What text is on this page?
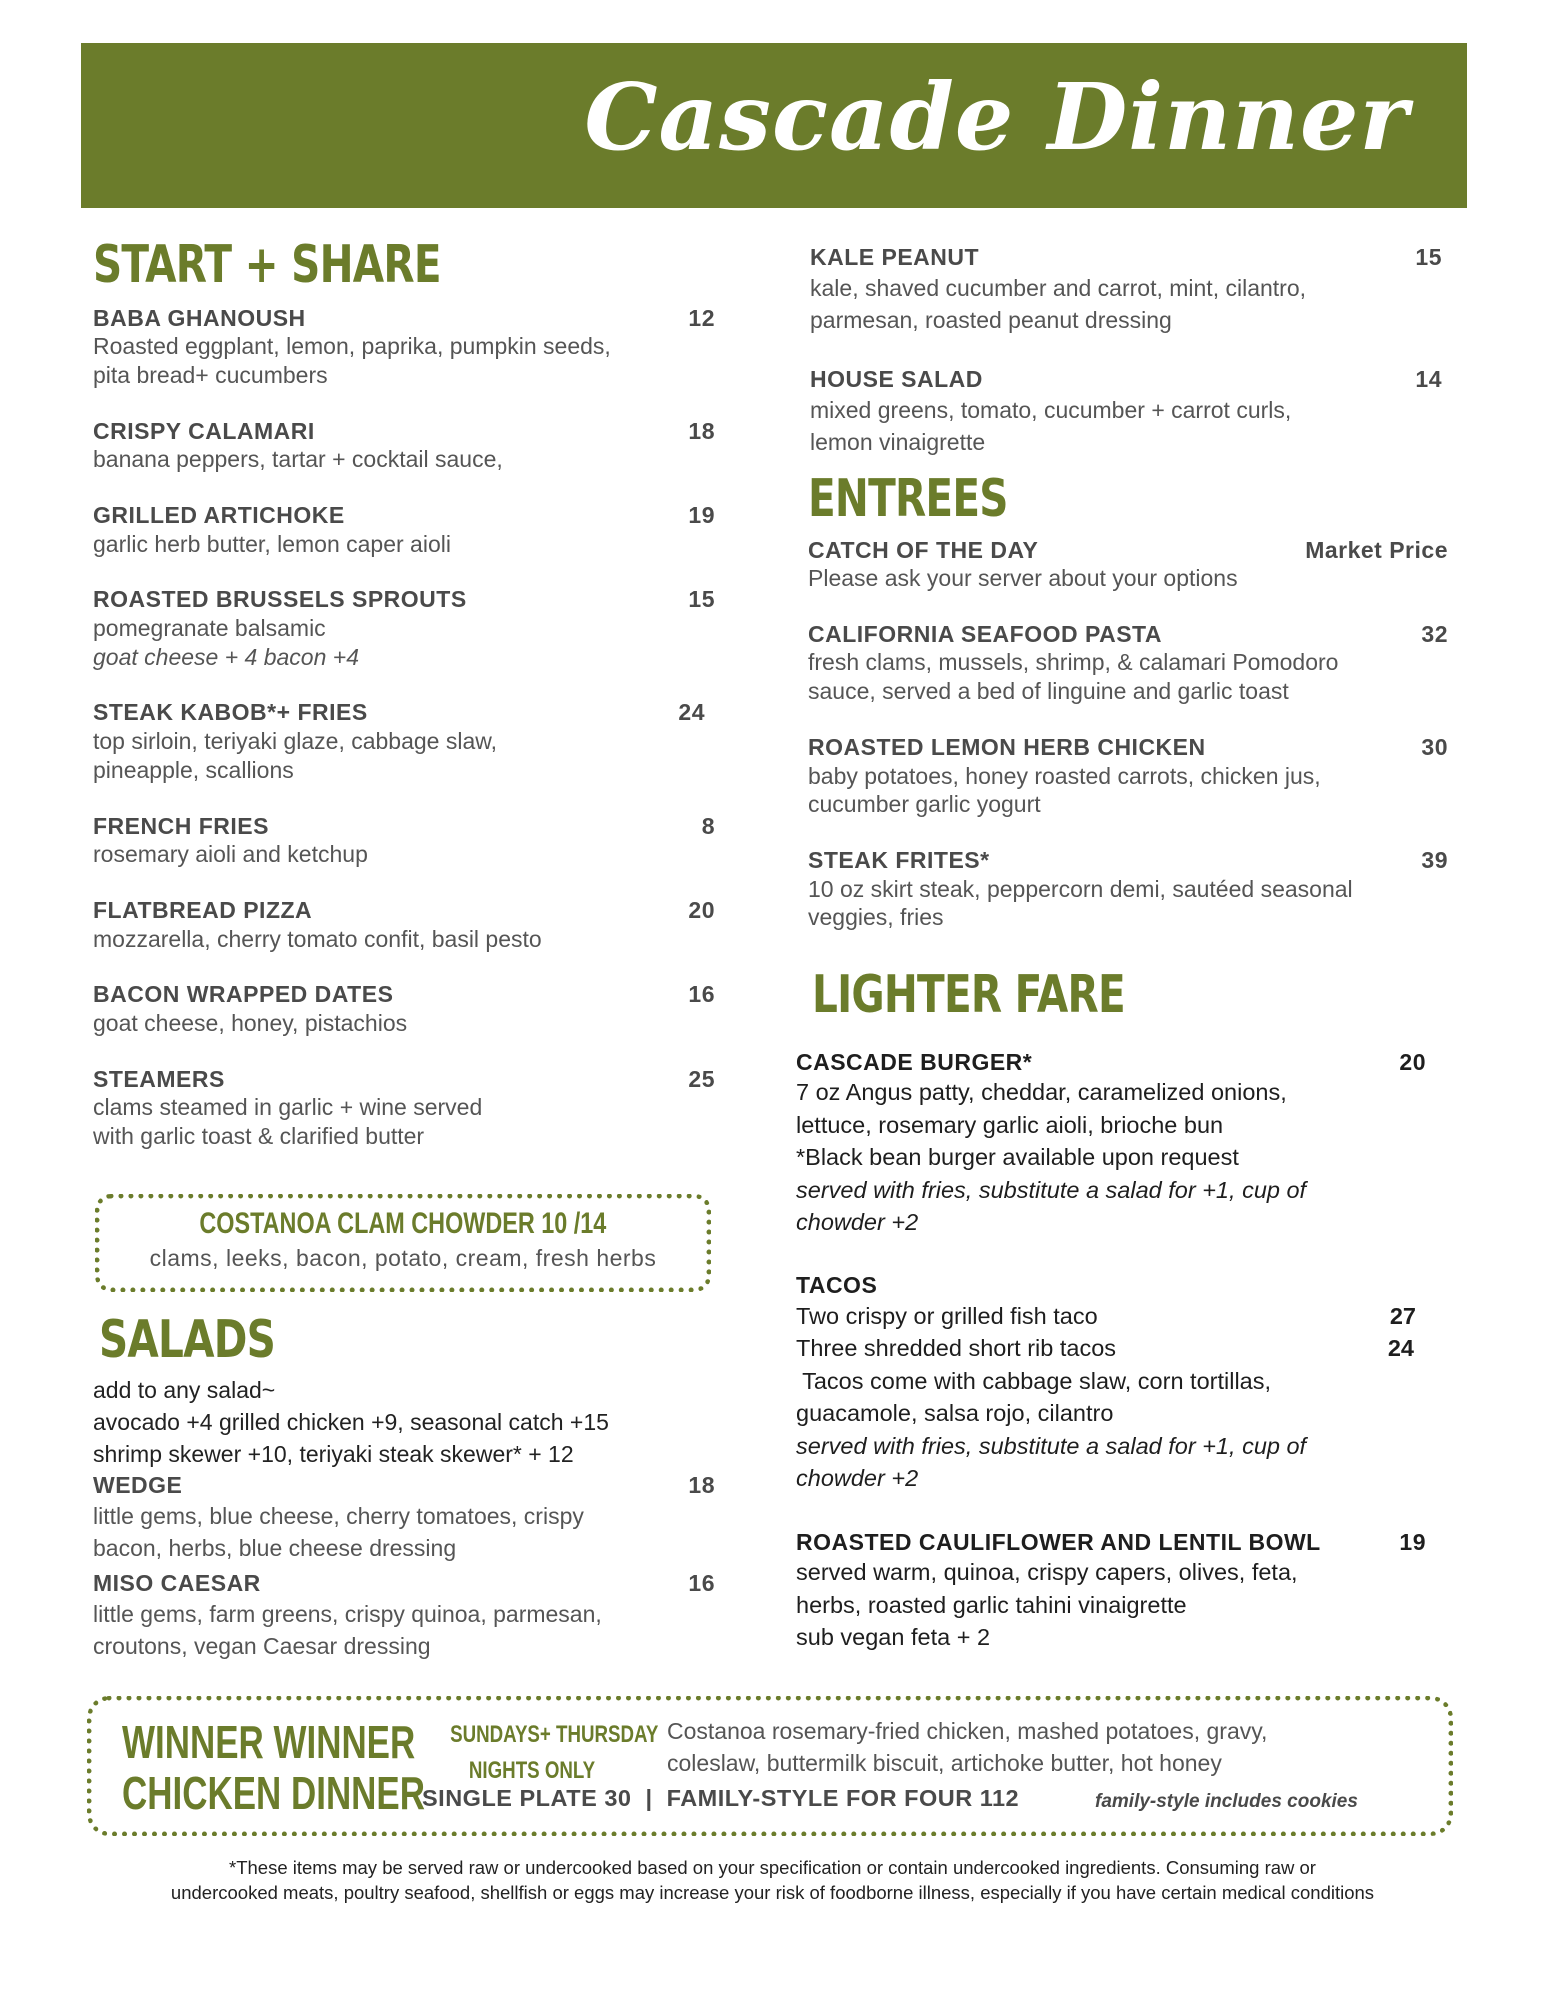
Cascade Dinner
START + SHARE
BABA GHANOUSH	12
Roasted eggplant, lemon, paprika, pumpkin seeds,
pita bread+ cucumbers
CRISPY CALAMARI	18
banana peppers, tartar + cocktail sauce,
GRILLED ARTICHOKE	19
garlic herb butter, lemon caper aioli
ROASTED BRUSSELS SPROUTS	15
pomegranate balsamic
goat cheese + 4 bacon +4
STEAK KABOB*+ FRIES	24
top sirloin, teriyaki glaze, cabbage slaw,
pineapple, scallions
FRENCH FRIES	8
rosemary aioli and ketchup
FLATBREAD PIZZA	20
mozzarella, cherry tomato confit, basil pesto
BACON WRAPPED DATES	16
goat cheese, honey, pistachios
STEAMERS	25
clams steamed in garlic + wine served
with garlic toast & clarified butter
COSTANOA CLAM CHOWDER 10 /14
clams, leeks, bacon, potato, cream, fresh herbs
SALADS
add to any salad~
avocado +4 grilled chicken +9, seasonal catch +15
shrimp skewer +10, teriyaki steak skewer* + 12
WEDGE	18
little gems, blue cheese, cherry tomatoes, crispy
bacon, herbs, blue cheese dressing
MISO CAESAR	16
little gems, farm greens, crispy quinoa, parmesan,
croutons, vegan Caesar dressing
KALE PEANUT	15
kale, shaved cucumber and carrot, mint, cilantro,
parmesan, roasted peanut dressing
HOUSE SALAD	14
mixed greens, tomato, cucumber + carrot curls,
lemon vinaigrette
ENTREES
CATCH OF THE DAY	Market Price
Please ask your server about your options
CALIFORNIA SEAFOOD PASTA	32
fresh clams, mussels, shrimp, & calamari Pomodoro
sauce, served a bed of linguine and garlic toast
ROASTED LEMON HERB CHICKEN	30
baby potatoes, honey roasted carrots, chicken jus,
cucumber garlic yogurt
STEAK FRITES*	39
10 oz skirt steak, peppercorn demi, sautéed seasonal
veggies, fries
LIGHTER FARE
CASCADE BURGER*	20
7 oz Angus patty, cheddar, caramelized onions,
lettuce, rosemary garlic aioli, brioche bun
*Black bean burger available upon request
served with fries, substitute a salad for +1, cup of
chowder +2
TACOS
Two crispy or grilled fish taco	27
Three shredded short rib tacos	24
Tacos come with cabbage slaw, corn tortillas,
guacamole, salsa rojo, cilantro
served with fries, substitute a salad for +1, cup of
chowder +2
ROASTED CAULIFLOWER AND LENTIL BOWL	19
served warm, quinoa, crispy capers, olives, feta,
herbs, roasted garlic tahini vinaigrette
sub vegan feta + 2
WINNER WINNER
CHICKEN DINNER
SUNDAYS+ THURSDAY
NIGHTS ONLY
Costanoa rosemary-fried chicken, mashed potatoes, gravy,
coleslaw, buttermilk biscuit, artichoke butter, hot honey
SINGLE PLATE 30  |  FAMILY-STYLE FOR FOUR 112	family-style includes cookies
*These items may be served raw or undercooked based on your specification or contain undercooked ingredients. Consuming raw or
undercooked meats, poultry seafood, shellfish or eggs may increase your risk of foodborne illness, especially if you have certain medical conditions
